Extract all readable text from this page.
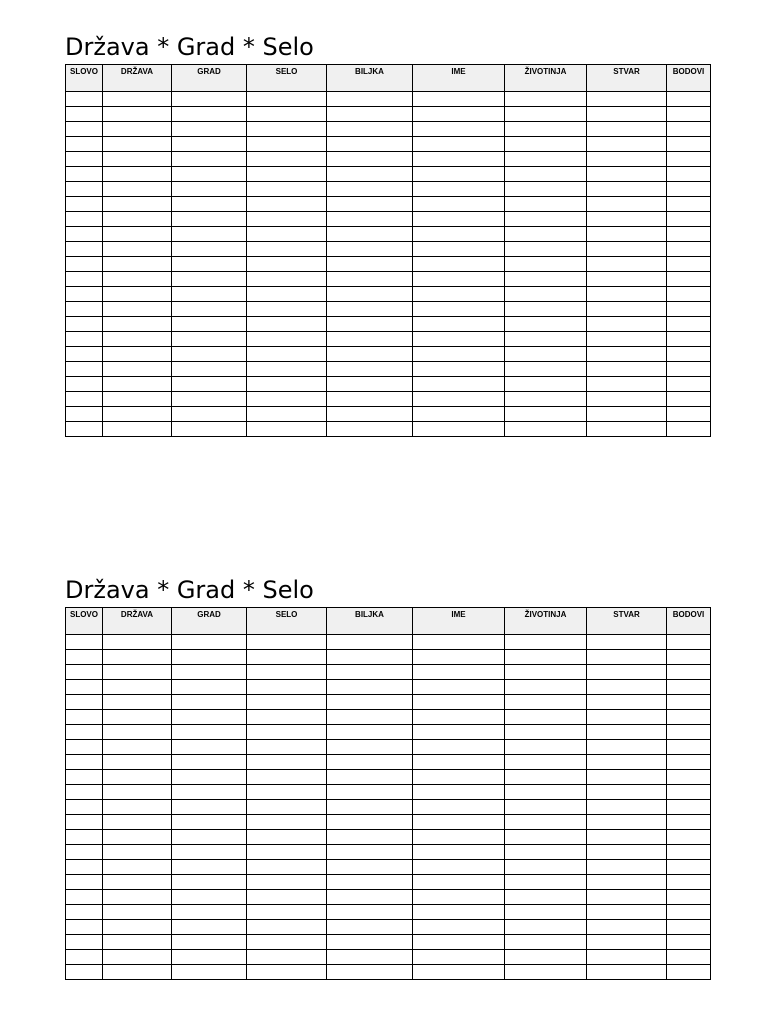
Država * Grad * Selo
SLOVO	DRŽAVA	GRAD	SELO	BILJKA	IME	ŽIVOTINJA	STVAR	BODOVI

Država * Grad * Selo
SLOVO	DRŽAVA	GRAD	SELO	BILJKA	IME	ŽIVOTINJA	STVAR	BODOVI
